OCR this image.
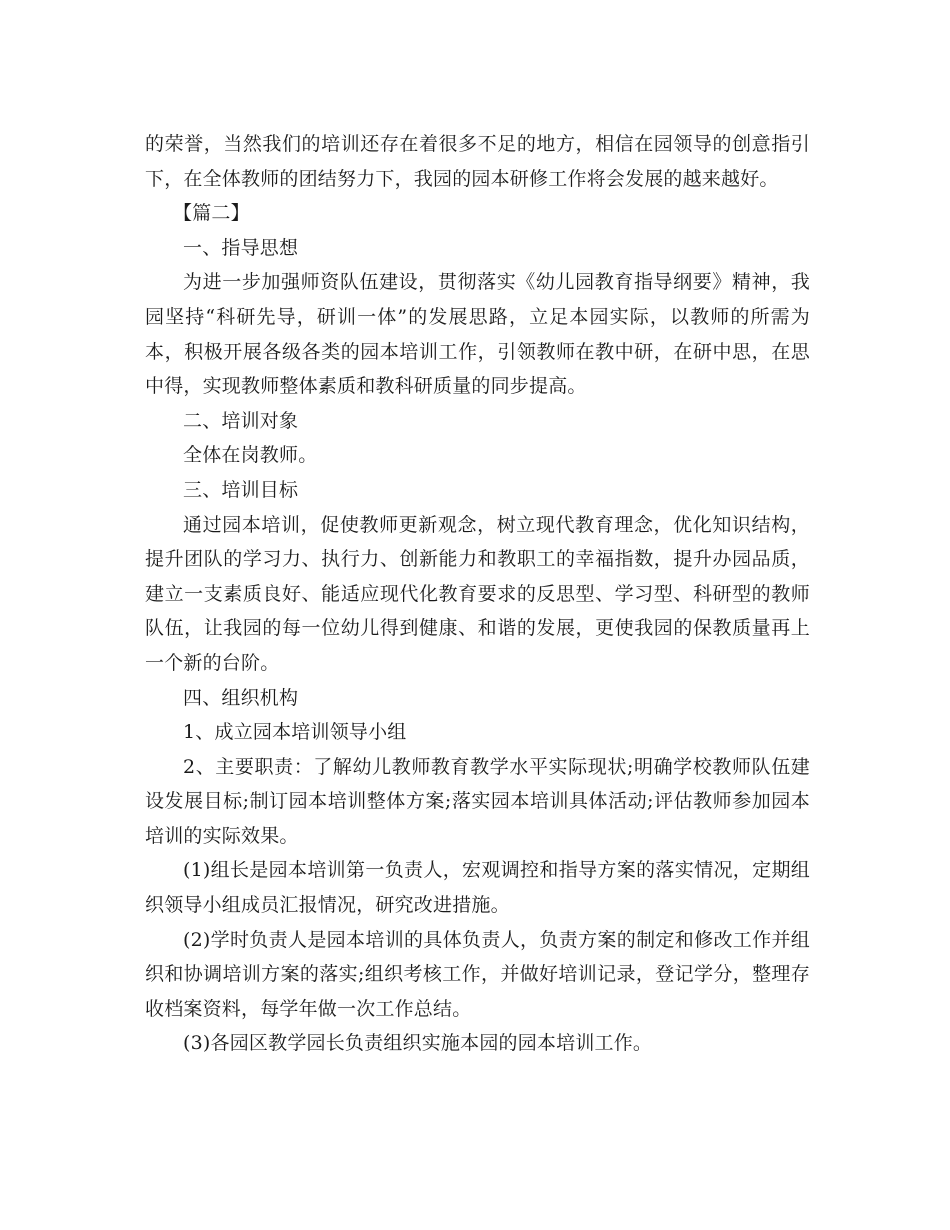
的荣誉，当然我们的培训还存在着很多不足的地方，相信在园领导的创意指引下，在全体教师的团结努力下，我园的园本研修工作将会发展的越来越好。

【篇二】

一、指导思想

为进一步加强师资队伍建设，贯彻落实《幼儿园教育指导纲要》精神，我园坚持“科研先导，研训一体”的发展思路，立足本园实际，以教师的所需为本，积极开展各级各类的园本培训工作，引领教师在教中研，在研中思，在思中得，实现教师整体素质和教科研质量的同步提高。

二、培训对象

全体在岗教师。

三、培训目标

通过园本培训，促使教师更新观念，树立现代教育理念，优化知识结构，提升团队的学习力、执行力、创新能力和教职工的幸福指数，提升办园品质，建立一支素质良好、能适应现代化教育要求的反思型、学习型、科研型的教师队伍，让我园的每一位幼儿得到健康、和谐的发展，更使我园的保教质量再上一个新的台阶。

四、组织机构

1、成立园本培训领导小组

2、主要职责：了解幼儿教师教育教学水平实际现状;明确学校教师队伍建设发展目标;制订园本培训整体方案;落实园本培训具体活动;评估教师参加园本培训的实际效果。

(1)组长是园本培训第一负责人，宏观调控和指导方案的落实情况，定期组织领导小组成员汇报情况，研究改进措施。

(2)学时负责人是园本培训的具体负责人，负责方案的制定和修改工作并组织和协调培训方案的落实;组织考核工作，并做好培训记录，登记学分，整理存收档案资料，每学年做一次工作总结。

(3)各园区教学园长负责组织实施本园的园本培训工作。
